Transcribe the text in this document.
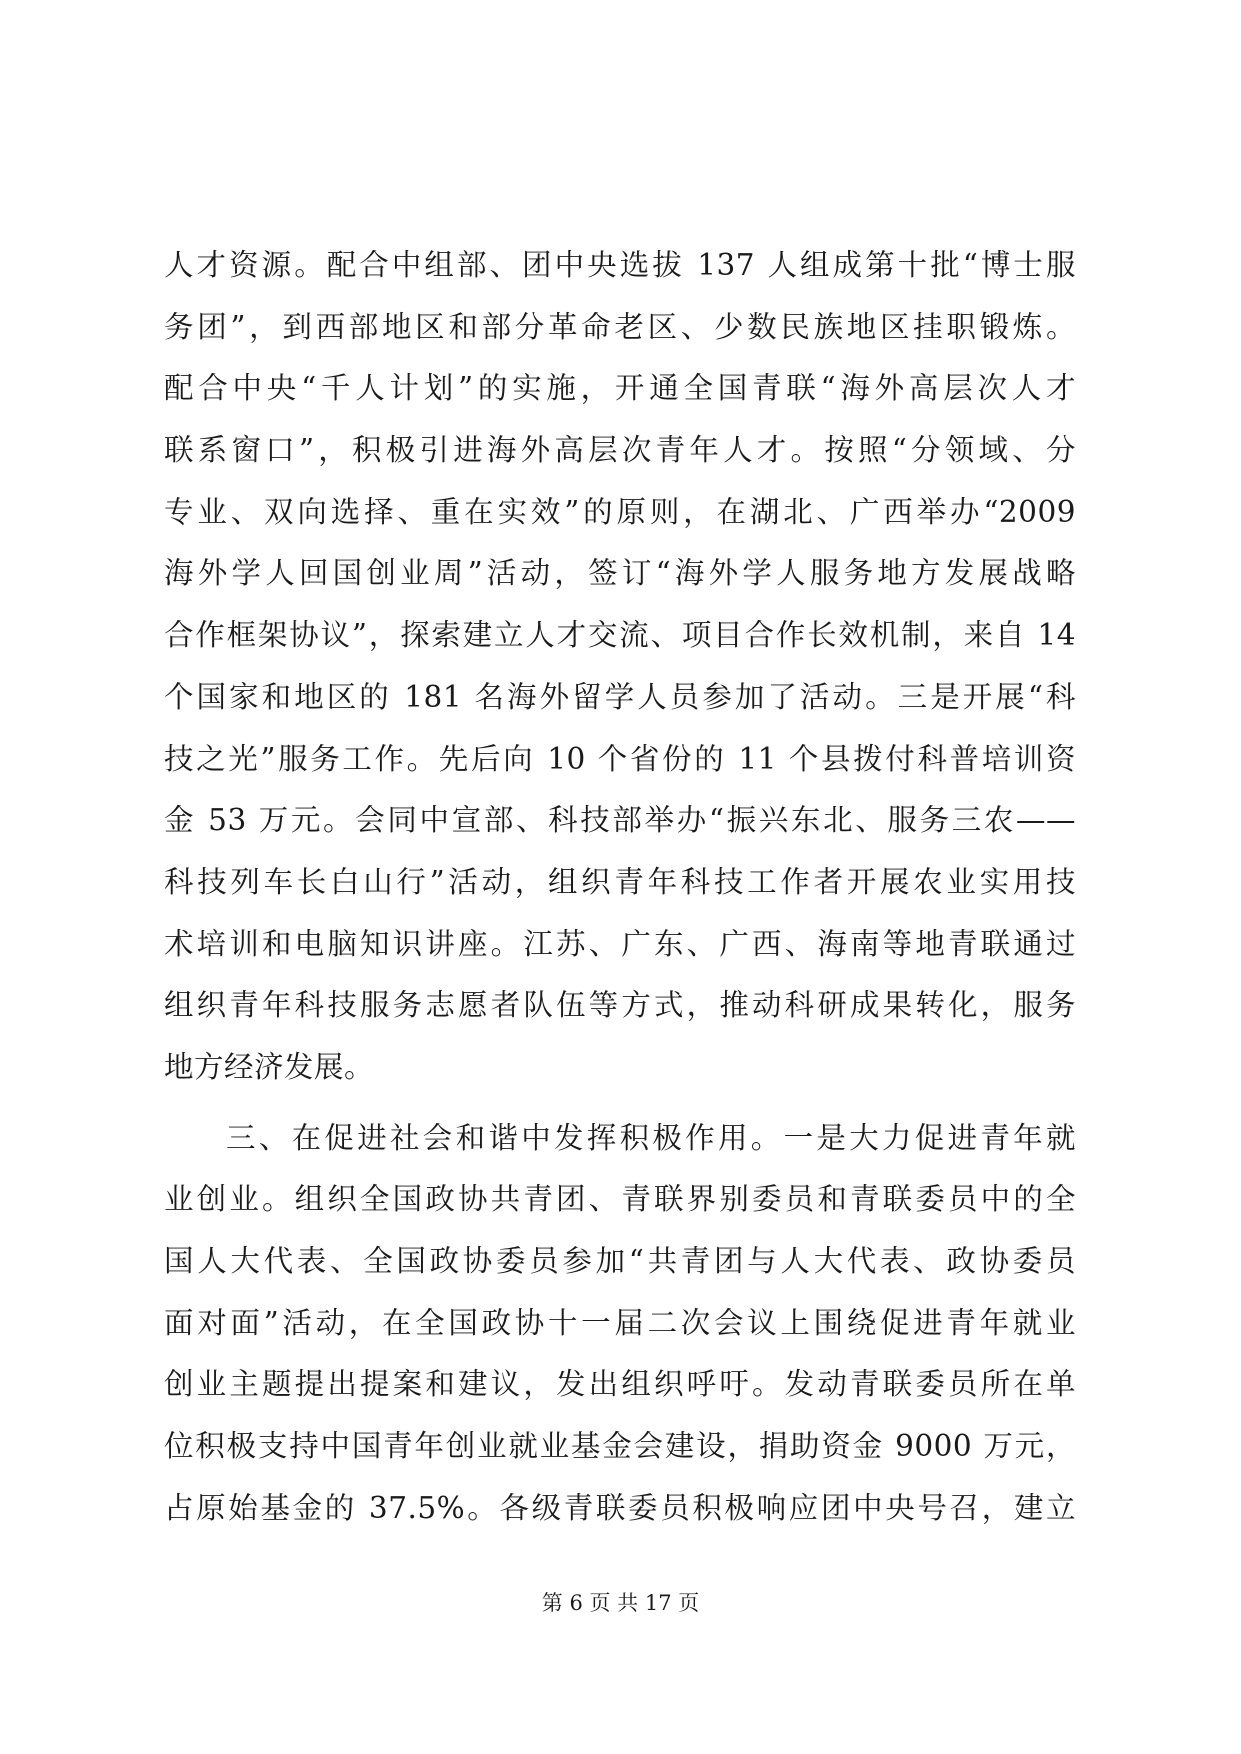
人才资源。配合中组部、团中央选拔 137 人组成第十批“博士服
务团”，到西部地区和部分革命老区、少数民族地区挂职锻炼。
配合中央“千人计划”的实施，开通全国青联“海外高层次人才
联系窗口”，积极引进海外高层次青年人才。按照“分领域、分
专业、双向选择、重在实效”的原则，在湖北、广西举办“2009
海外学人回国创业周”活动，签订“海外学人服务地方发展战略
合作框架协议”，探索建立人才交流、项目合作长效机制，来自 14
个国家和地区的 181 名海外留学人员参加了活动。三是开展“科
技之光”服务工作。先后向 10 个省份的 11 个县拨付科普培训资
金 53 万元。会同中宣部、科技部举办“振兴东北、服务三农——
科技列车长白山行”活动，组织青年科技工作者开展农业实用技
术培训和电脑知识讲座。江苏、广东、广西、海南等地青联通过
组织青年科技服务志愿者队伍等方式，推动科研成果转化，服务
地方经济发展。
三、在促进社会和谐中发挥积极作用。一是大力促进青年就
业创业。组织全国政协共青团、青联界别委员和青联委员中的全
国人大代表、全国政协委员参加“共青团与人大代表、政协委员
面对面”活动，在全国政协十一届二次会议上围绕促进青年就业
创业主题提出提案和建议，发出组织呼吁。发动青联委员所在单
位积极支持中国青年创业就业基金会建设，捐助资金 9000 万元，
占原始基金的 37.5%。各级青联委员积极响应团中央号召，建立
第 6 页 共 17 页
